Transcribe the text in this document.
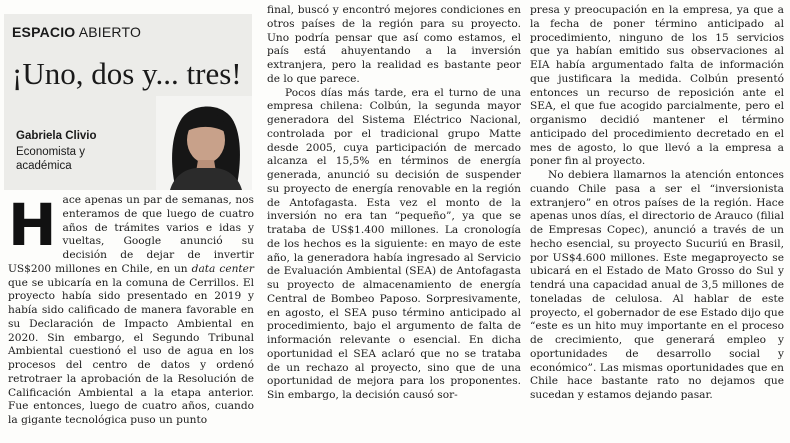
ESPACIO ABIERTO
¡Uno, dos y... tres!
Gabriela Clivio
Economista y académica

Hace apenas un par de semanas, nos enteramos de que luego de cuatro años de trámites varios e idas y vueltas, Google anunció su decisión de dejar de invertir US$200 millones en Chile, en un data center que se ubicaría en la comuna de Cerrillos. El proyecto había sido presentado en 2019 y había sido calificado de manera favorable en su Declaración de Impacto Ambiental en 2020. Sin embargo, el Segundo Tribunal Ambiental cuestionó el uso de agua en los procesos del centro de datos y ordenó retrotraer la aprobación de la Resolución de Calificación Ambiental a la etapa anterior. Fue entonces, luego de cuatro años, cuando la gigante tecnológica puso un punto

final, buscó y encontró mejores condiciones en otros países de la región para su proyecto. Uno podría pensar que así como estamos, el país está ahuyentando a la inversión extranjera, pero la realidad es bastante peor de lo que parece.

Pocos días más tarde, era el turno de una empresa chilena: Colbún, la segunda mayor generadora del Sistema Eléctrico Nacional, controlada por el tradicional grupo Matte desde 2005, cuya participación de mercado alcanza el 15,5% en términos de energía generada, anunció su decisión de suspender su proyecto de energía renovable en la región de Antofagasta. Esta vez el monto de la inversión no era tan “pequeño”, ya que se trataba de US$1.400 millones. La cronología de los hechos es la siguiente: en mayo de este año, la generadora había ingresado al Servicio de Evaluación Ambiental (SEA) de Antofagasta su proyecto de almacenamiento de energía Central de Bombeo Paposo. Sorpresivamente, en agosto, el SEA puso término anticipado al procedimiento, bajo el argumento de falta de información relevante o esencial. En dicha oportunidad el SEA aclaró que no se trataba de un rechazo al proyecto, sino que de una oportunidad de mejora para los proponentes. Sin embargo, la decisión causó sor-

presa y preocupación en la empresa, ya que a la fecha de poner término anticipado al procedimiento, ninguno de los 15 servicios que ya habían emitido sus observaciones al EIA había argumentado falta de información que justificara la medida. Colbún presentó entonces un recurso de reposición ante el SEA, el que fue acogido parcialmente, pero el organismo decidió mantener el término anticipado del procedimiento decretado en el mes de agosto, lo que llevó a la empresa a poner fin al proyecto.

No debiera llamarnos la atención entonces cuando Chile pasa a ser el “inversionista extranjero” en otros países de la región. Hace apenas unos días, el directorio de Arauco (filial de Empresas Copec), anunció a través de un hecho esencial, su proyecto Sucuriú en Brasil, por US$4.600 millones. Este megaproyecto se ubicará en el Estado de Mato Grosso do Sul y tendrá una capacidad anual de 3,5 millones de toneladas de celulosa. Al hablar de este proyecto, el gobernador de ese Estado dijo que “este es un hito muy importante en el proceso de crecimiento, que generará empleo y oportunidades de desarrollo social y económico”. Las mismas oportunidades que en Chile hace bastante rato no dejamos que sucedan y estamos dejando pasar.
